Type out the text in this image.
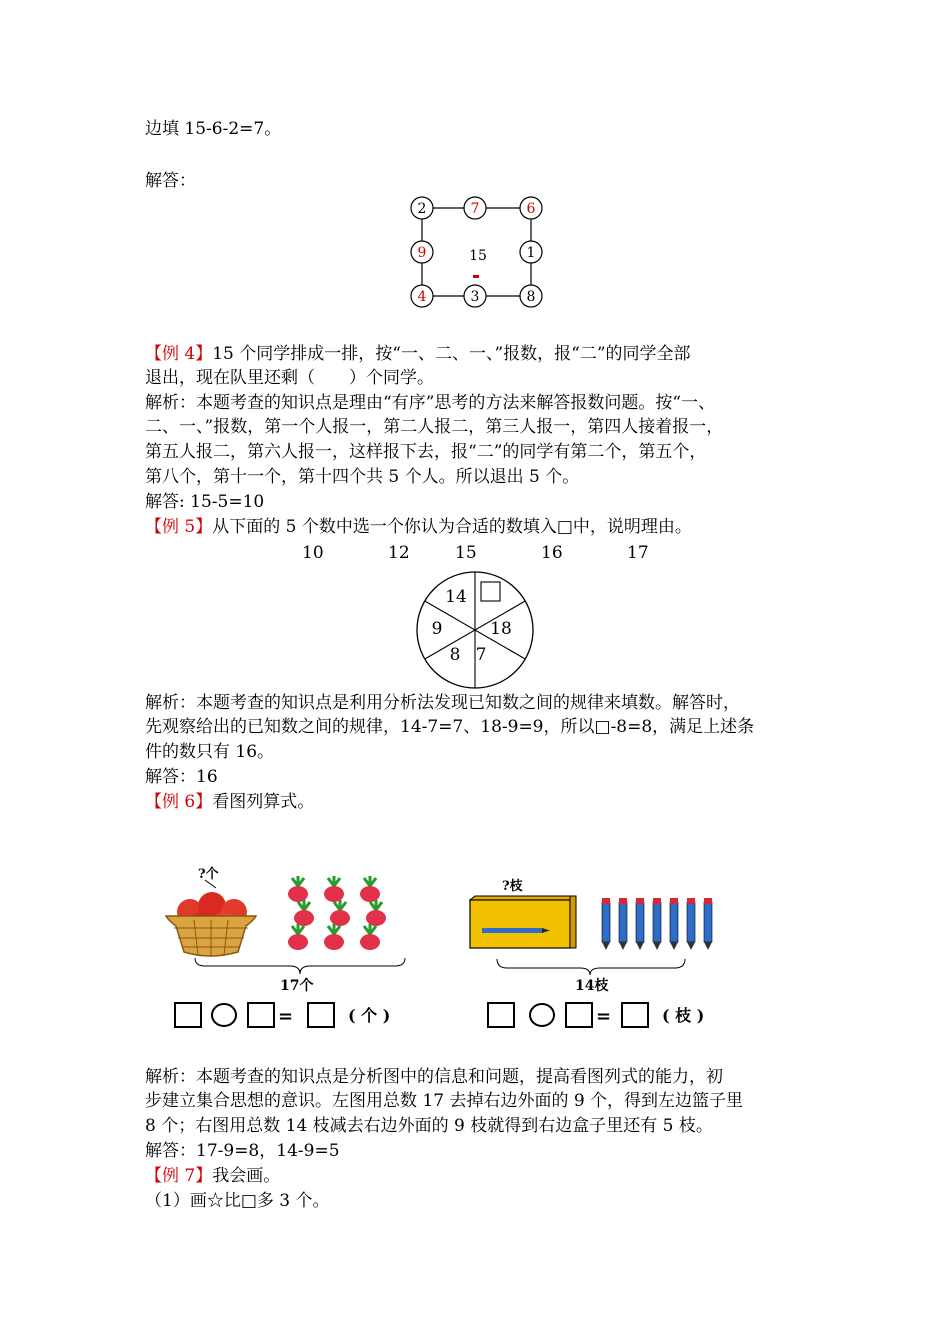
边填 15-6-2=7。
解答：
2	7	6
1
8
3
4
9	15
【例 4】15 个同学排成一排，按“一、二、一、”报数，报“二”的同学全部
退出，现在队里还剩（　　）个同学。
解析：本题考查的知识点是理由“有序”思考的方法来解答报数问题。按“一、
二、一、”报数，第一个人报一，第二人报二，第三人报一，第四人接着报一，
第五人报二，第六人报一，这样报下去，报“二”的同学有第二个，第五个，
第八个，第十一个，第十四个共 5 个人。所以退出 5 个。
解答: 15-5=10
【例 5】从下面的 5 个数中选一个你认为合适的数填入□中，说明理由。
10	12	15	16	17
14
18
7
8
9
解析：本题考查的知识点是利用分析法发现已知数之间的规律来填数。解答时，
先观察给出的已知数之间的规律，14-7=7、18-9=9，所以□-8=8，满足上述条
件的数只有 16。
解答：16
【例 6】看图列算式。
?个
17个
=	( 个 )
?枝
14枝
=	( 枝 )
解析：本题考查的知识点是分析图中的信息和问题，提高看图列式的能力，初
步建立集合思想的意识。左图用总数 17 去掉右边外面的 9 个，得到左边篮子里
8 个；右图用总数 14 枝减去右边外面的 9 枝就得到右边盒子里还有 5 枝。
解答：17-9=8，14-9=5
【例 7】我会画。
（1）画☆比□多 3 个。
